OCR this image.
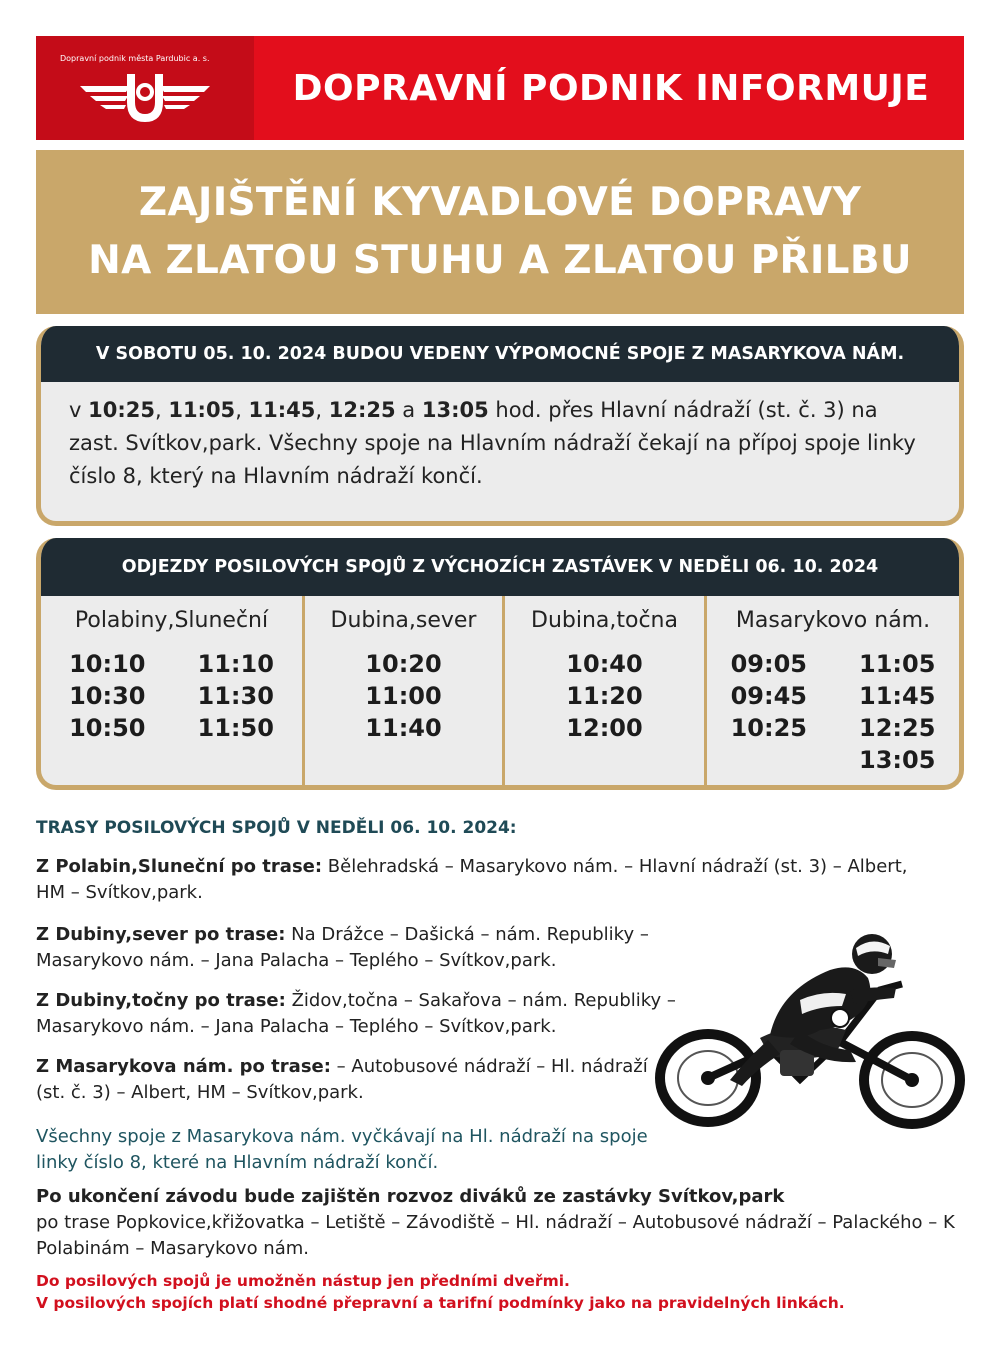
Dopravní podnik města Pardubic a. s.
DOPRAVNÍ PODNIK INFORMUJE
ZAJIŠTĚNÍ KYVADLOVÉ DOPRAVY
NA ZLATOU STUHU A ZLATOU PŘILBU
V SOBOTU 05. 10. 2024 BUDOU VEDENY VÝPOMOCNÉ SPOJE Z MASARYKOVA NÁM.
v 10:25, 11:05, 11:45, 12:25 a 13:05 hod. přes Hlavní nádraží (st. č. 3) na zast. Svítkov,park. Všechny spoje na Hlavním nádraží čekají na přípoj spoje linky číslo 8, který na Hlavním nádraží končí.
ODJEZDY POSILOVÝCH SPOJŮ Z VÝCHOZÍCH ZASTÁVEK V NEDĚLI 06. 10. 2024
Polabiny,Sluneční
10:10
10:30
10:50
11:10
11:30
11:50
Dubina,sever
10:20
11:00
11:40
Dubina,točna
10:40
11:20
12:00
Masarykovo nám.
09:05
09:45
10:25
11:05
11:45
12:25
13:05
TRASY POSILOVÝCH SPOJŮ V NEDĚLI 06. 10. 2024:
Z Polabin,Sluneční po trase: Bělehradská – Masarykovo nám. – Hlavní nádraží (st. 3) – Albert, HM – Svítkov,park.
Z Dubiny,sever po trase: Na Drážce – Dašická – nám. Republiky – Masarykovo nám. – Jana Palacha – Teplého – Svítkov,park.
Z Dubiny,točny po trase: Židov,točna – Sakařova – nám. Republiky – Masarykovo nám. – Jana Palacha – Teplého – Svítkov,park.
Z Masarykova nám. po trase: – Autobusové nádraží – Hl. nádraží (st. č. 3) – Albert, HM – Svítkov,park.
Všechny spoje z Masarykova nám. vyčkávají na Hl. nádraží na spoje linky číslo 8, které na Hlavním nádraží končí.
Po ukončení závodu bude zajištěn rozvoz diváků ze zastávky Svítkov,park
po trase Popkovice,křižovatka – Letiště – Závodiště – Hl. nádraží – Autobusové nádraží – Palackého – K Polabinám – Masarykovo nám.
Do posilových spojů je umožněn nástup jen předními dveřmi.
V posilových spojích platí shodné přepravní a tarifní podmínky jako na pravidelných linkách.
